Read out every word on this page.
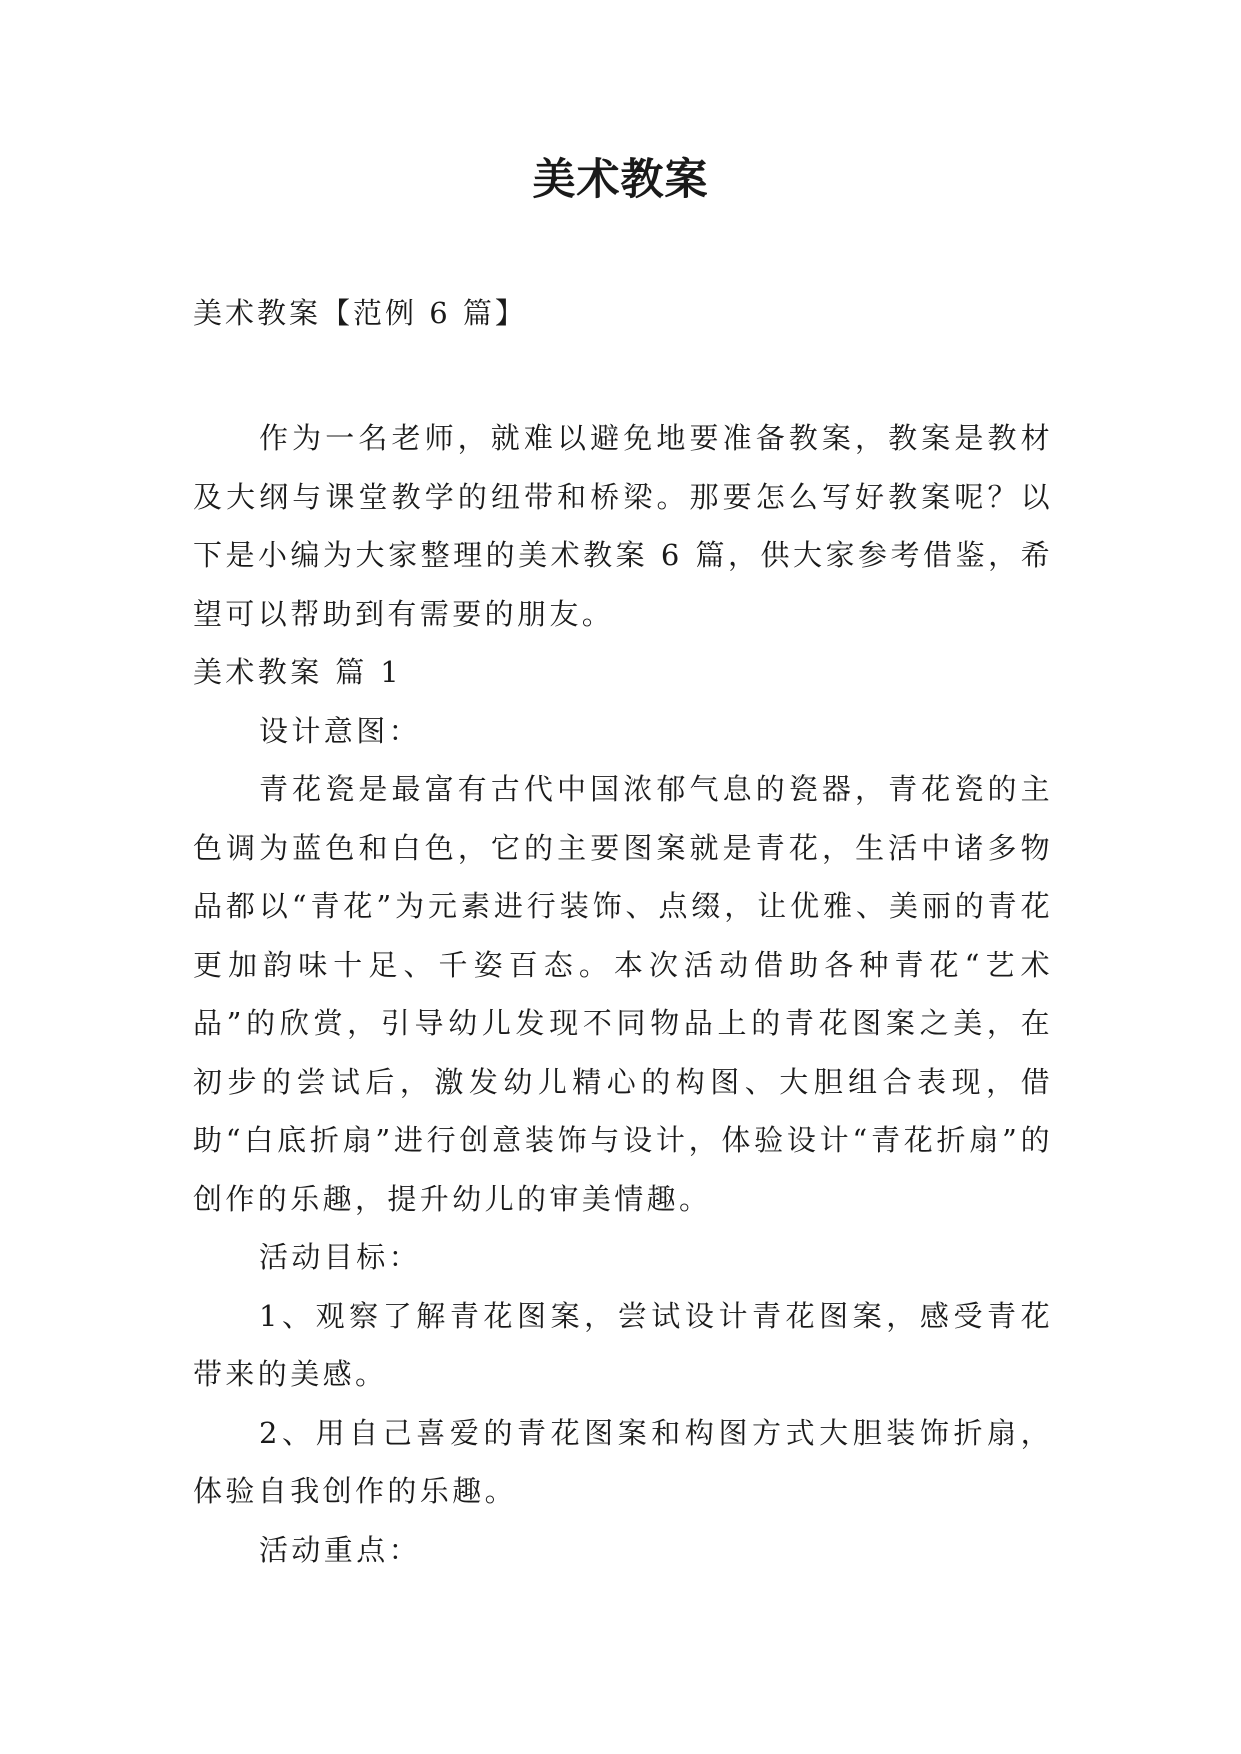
美术教案

美术教案【范例 6 篇】

作为一名老师，就难以避免地要准备教案，教案是教材及大纲与课堂教学的纽带和桥梁。那要怎么写好教案呢？以下是小编为大家整理的美术教案 6 篇，供大家参考借鉴，希望可以帮助到有需要的朋友。

美术教案 篇 1

设计意图：

青花瓷是最富有古代中国浓郁气息的瓷器，青花瓷的主色调为蓝色和白色，它的主要图案就是青花，生活中诸多物品都以“青花”为元素进行装饰、点缀，让优雅、美丽的青花更加韵味十足、千姿百态。本次活动借助各种青花“艺术品”的欣赏，引导幼儿发现不同物品上的青花图案之美，在初步的尝试后，激发幼儿精心的构图、大胆组合表现，借助“白底折扇”进行创意装饰与设计，体验设计“青花折扇”的创作的乐趣，提升幼儿的审美情趣。

活动目标：

1、观察了解青花图案，尝试设计青花图案，感受青花带来的美感。

2、用自己喜爱的青花图案和构图方式大胆装饰折扇，体验自我创作的乐趣。

活动重点：
